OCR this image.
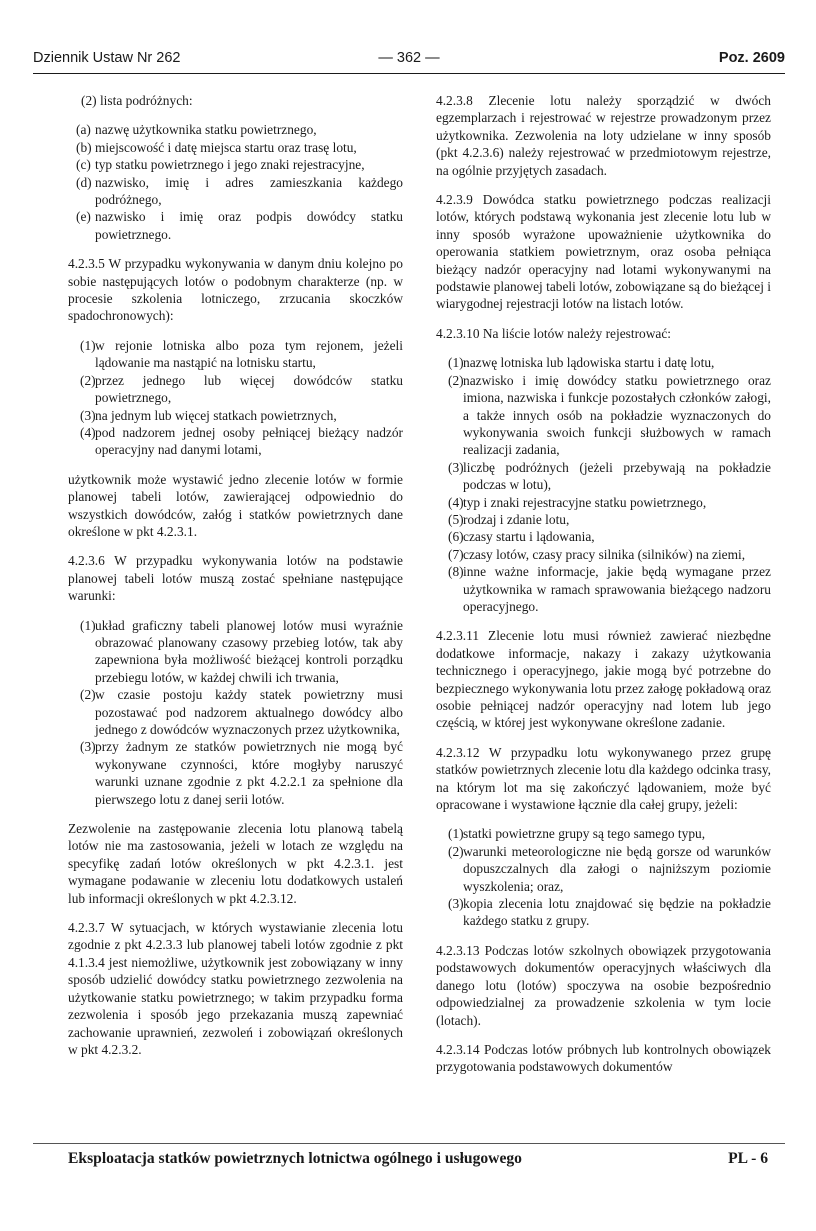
Dziennik Ustaw Nr 262	— 362 —	Poz. 2609

(2) lista podróżnych:

(a) nazwę użytkownika statku powietrznego,
(b) miejscowość i datę miejsca startu oraz trasę lotu,
(c) typ statku powietrznego i jego znaki rejestracyjne,
(d) nazwisko, imię i adres zamieszkania każdego podróżnego,
(e) nazwisko i imię oraz podpis dowódcy statku powietrznego.

4.2.3.5 W przypadku wykonywania w danym dniu kolejno po sobie następujących lotów o podobnym charakterze (np. w procesie szkolenia lotniczego, zrzucania skoczków spadochronowych):

(1) w rejonie lotniska albo poza tym rejonem, jeżeli lądowanie ma nastąpić na lotnisku startu,
(2) przez jednego lub więcej dowódców statku powietrznego,
(3) na jednym lub więcej statkach powietrznych,
(4) pod nadzorem jednej osoby pełniącej bieżący nadzór operacyjny nad danymi lotami,

użytkownik może wystawić jedno zlecenie lotów w formie planowej tabeli lotów, zawierającej odpowiednio do wszystkich dowódców, załóg i statków powietrznych dane określone w pkt 4.2.3.1.

4.2.3.6 W przypadku wykonywania lotów na podstawie planowej tabeli lotów muszą zostać spełniane następujące warunki:

(1) układ graficzny tabeli planowej lotów musi wyraźnie obrazować planowany czasowy przebieg lotów, tak aby zapewniona była możliwość bieżącej kontroli porządku przebiegu lotów, w każdej chwili ich trwania,
(2) w czasie postoju każdy statek powietrzny musi pozostawać pod nadzorem aktualnego dowódcy albo jednego z dowódców wyznaczonych przez użytkownika,
(3) przy żadnym ze statków powietrznych nie mogą być wykonywane czynności, które mogłyby naruszyć warunki uznane zgodnie z pkt 4.2.2.1 za spełnione dla pierwszego lotu z danej serii lotów.

Zezwolenie na zastępowanie zlecenia lotu planową tabelą lotów nie ma zastosowania, jeżeli w lotach ze względu na specyfikę zadań lotów określonych w pkt 4.2.3.1. jest wymagane podawanie w zleceniu lotu dodatkowych ustaleń lub informacji określonych w pkt 4.2.3.12.

4.2.3.7 W sytuacjach, w których wystawianie zlecenia lotu zgodnie z pkt 4.2.3.3 lub planowej tabeli lotów zgodnie z pkt 4.1.3.4 jest niemożliwe, użytkownik jest zobowiązany w inny sposób udzielić dowódcy statku powietrznego zezwolenia na użytkowanie statku powietrznego; w takim przypadku forma zezwolenia i sposób jego przekazania muszą zapewniać zachowanie uprawnień, zezwoleń i zobowiązań określonych w pkt 4.2.3.2.

4.2.3.8 Zlecenie lotu należy sporządzić w dwóch egzemplarzach i rejestrować w rejestrze prowadzonym przez użytkownika. Zezwolenia na loty udzielane w inny sposób (pkt 4.2.3.6) należy rejestrować w przedmiotowym rejestrze, na ogólnie przyjętych zasadach.

4.2.3.9 Dowódca statku powietrznego podczas realizacji lotów, których podstawą wykonania jest zlecenie lotu lub w inny sposób wyrażone upoważnienie użytkownika do operowania statkiem powietrznym, oraz osoba pełniąca bieżący nadzór operacyjny nad lotami wykonywanymi na podstawie planowej tabeli lotów, zobowiązane są do bieżącej i wiarygodnej rejestracji lotów na listach lotów.

4.2.3.10 Na liście lotów należy rejestrować:

(1) nazwę lotniska lub lądowiska startu i datę lotu,
(2) nazwisko i imię dowódcy statku powietrznego oraz imiona, nazwiska i funkcje pozostałych członków załogi, a także innych osób na pokładzie wyznaczonych do wykonywania swoich funkcji służbowych w ramach realizacji zadania,
(3) liczbę podróżnych (jeżeli przebywają na pokładzie podczas w lotu),
(4) typ i znaki rejestracyjne statku powietrznego,
(5) rodzaj i zdanie lotu,
(6) czasy startu i lądowania,
(7) czasy lotów, czasy pracy silnika (silników) na ziemi,
(8) inne ważne informacje, jakie będą wymagane przez użytkownika w ramach sprawowania bieżącego nadzoru operacyjnego.

4.2.3.11 Zlecenie lotu musi również zawierać niezbędne dodatkowe informacje, nakazy i zakazy użytkowania technicznego i operacyjnego, jakie mogą być potrzebne do bezpiecznego wykonywania lotu przez załogę pokładową oraz osobie pełniącej nadzór operacyjny nad lotem lub jego częścią, w której jest wykonywane określone zadanie.

4.2.3.12 W przypadku lotu wykonywanego przez grupę statków powietrznych zlecenie lotu dla każdego odcinka trasy, na którym lot ma się zakończyć lądowaniem, może być opracowane i wystawione łącznie dla całej grupy, jeżeli:

(1) statki powietrzne grupy są tego samego typu,
(2) warunki meteorologiczne nie będą gorsze od warunków dopuszczalnych dla załogi o najniższym poziomie wyszkolenia; oraz,
(3) kopia zlecenia lotu znajdować się będzie na pokładzie każdego statku z grupy.

4.2.3.13 Podczas lotów szkolnych obowiązek przygotowania podstawowych dokumentów operacyjnych właściwych dla danego lotu (lotów) spoczywa na osobie bezpośrednio odpowiedzialnej za prowadzenie szkolenia w tym locie (lotach).

4.2.3.14 Podczas lotów próbnych lub kontrolnych obowiązek przygotowania podstawowych dokumentów

Eksploatacja statków powietrznych lotnictwa ogólnego i usługowego	PL - 6
